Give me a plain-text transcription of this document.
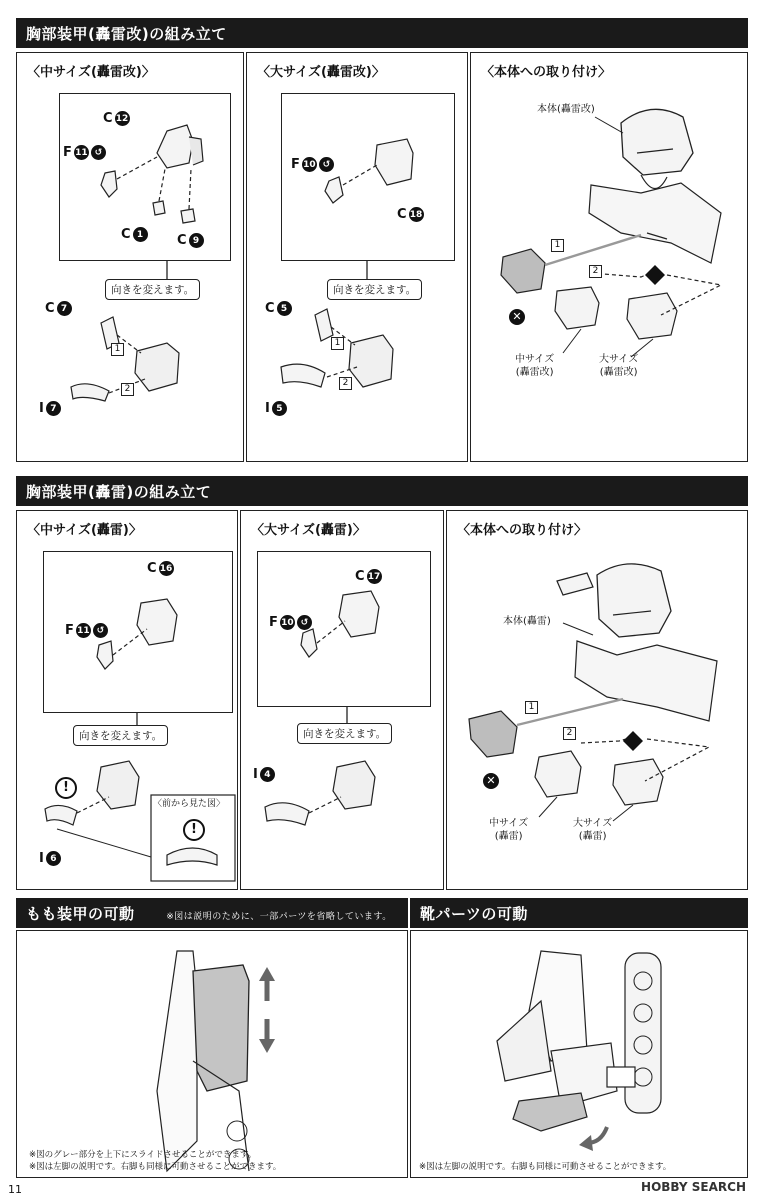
胸部装甲(轟雷改)の組み立て
〈中サイズ(轟雷改)〉
C 12
F 11 ↺
C 1	C 9
向きを変えます。
C 7
1
2
I 7
〈大サイズ(轟雷改)〉
F 10 ↺
C 18
向きを変えます。
C 5
1
2
I 5
〈本体への取り付け〉
本体(轟雷改)
1
2
✕
中サイズ
(轟雷改)
大サイズ
(轟雷改)
胸部装甲(轟雷)の組み立て
〈中サイズ(轟雷)〉
C 16
F 11 ↺
向きを変えます。
!
〈前から見た図〉
!
I 6
〈大サイズ(轟雷)〉
C 17
F 10 ↺
向きを変えます。
I 4
〈本体への取り付け〉
本体(轟雷)
1
2
✕
中サイズ
(轟雷)
大サイズ
(轟雷)
もも装甲の可動	※図は説明のために、一部パーツを省略しています。	靴パーツの可動
※図のグレー部分を上下にスライドさせることができます。
※図は左脚の説明です。右脚も同様に可動させることができます。	※図は左脚の説明です。右脚も同様に可動させることができます。
11	HOBBY SEARCH
